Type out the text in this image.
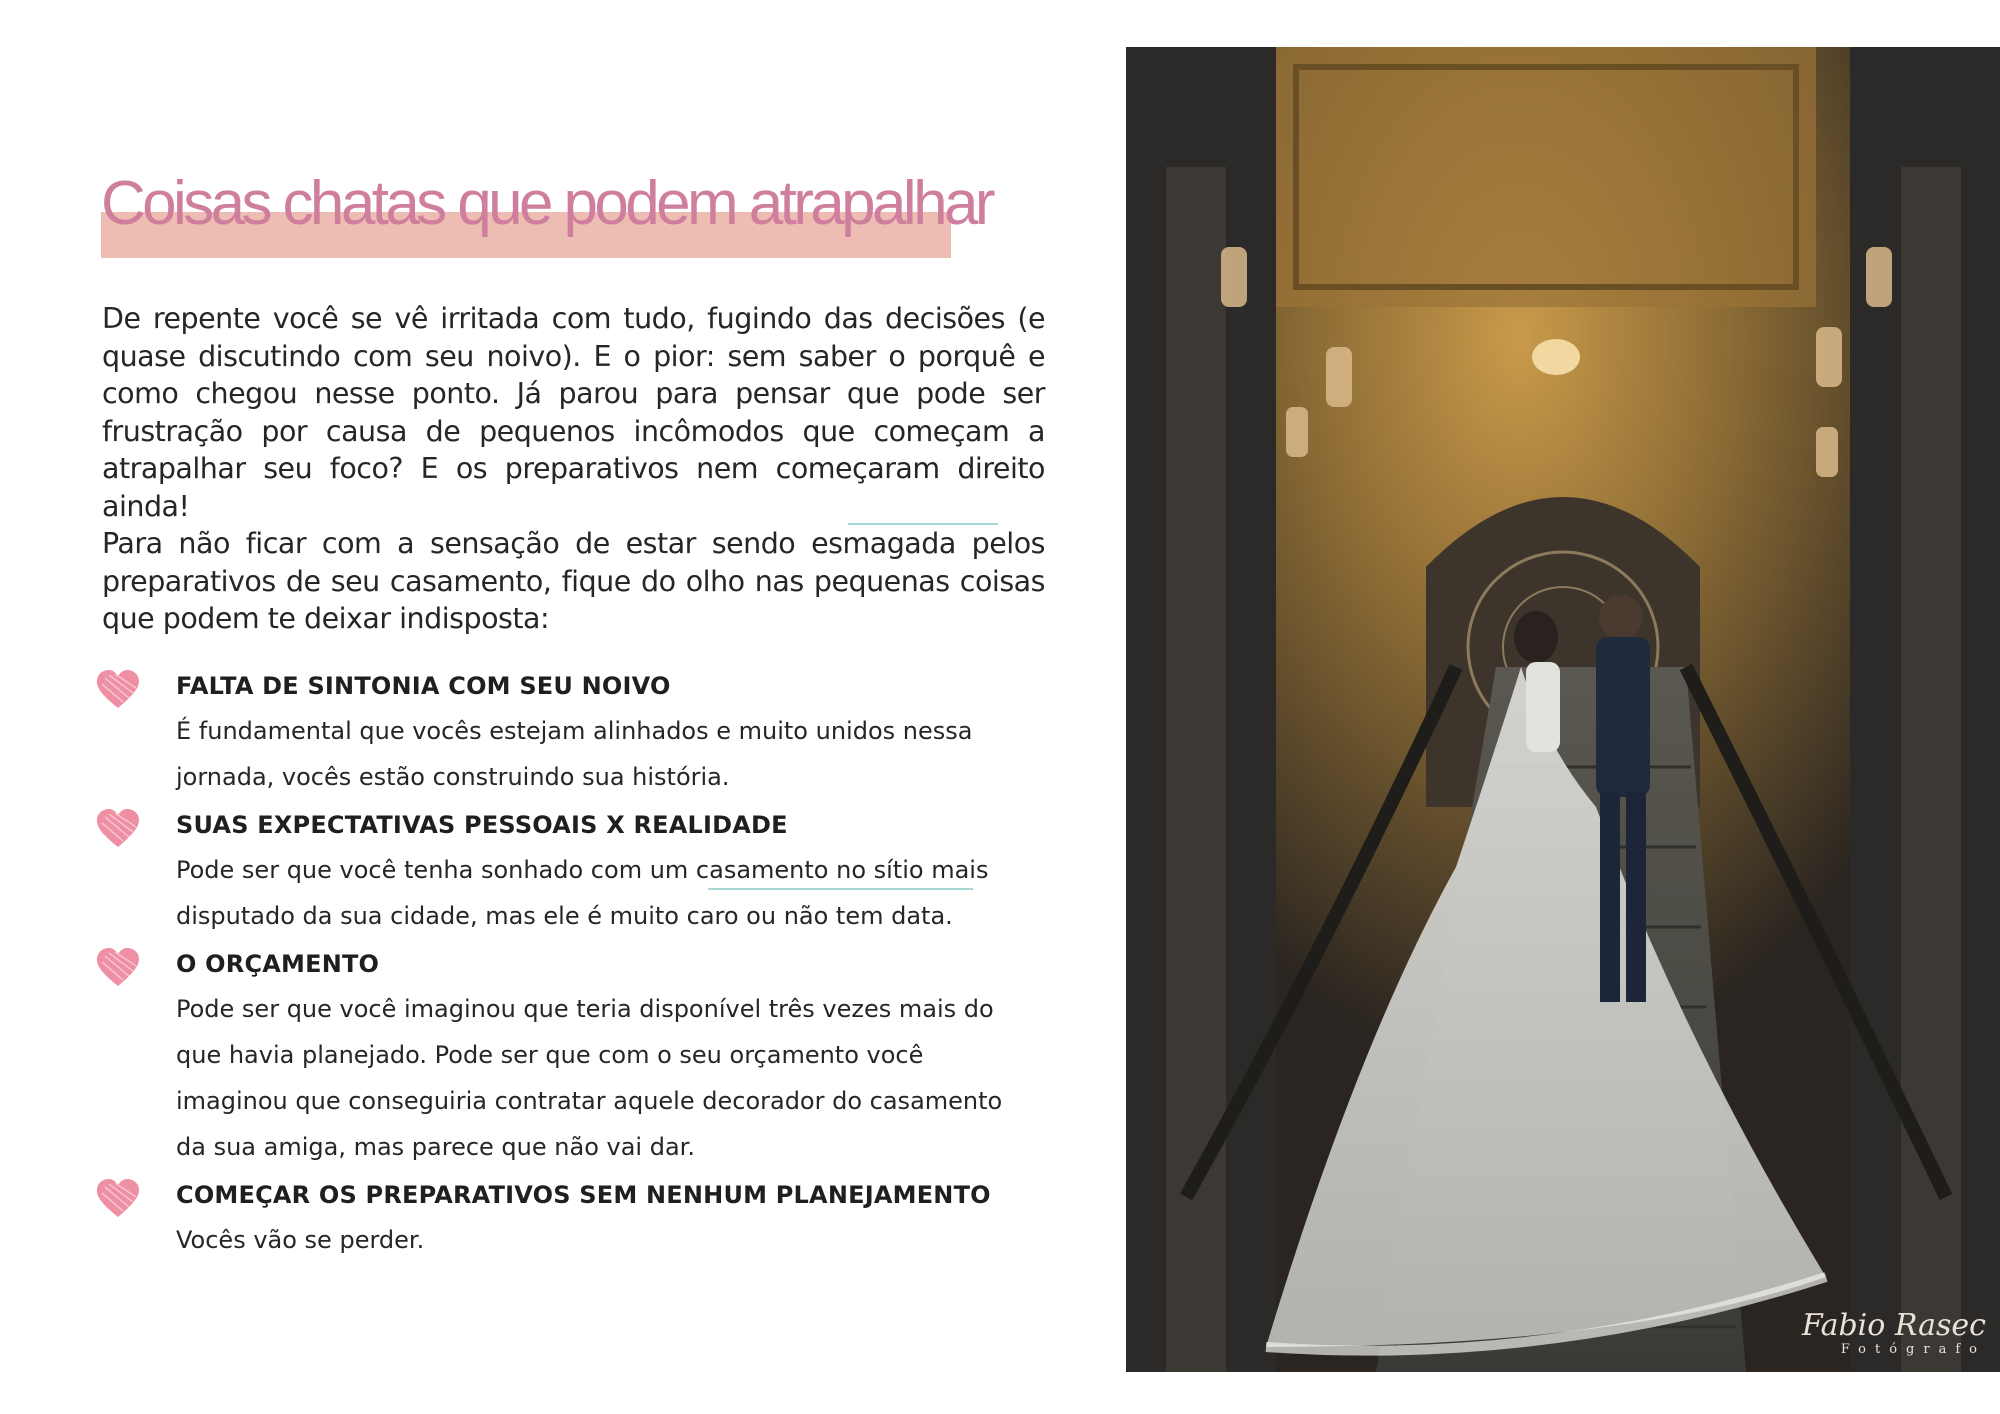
Coisas chatas que podem atrapalhar

De repente você se vê irritada com tudo, fugindo das decisões (e quase discutindo com seu noivo). E o pior: sem saber o porquê e como chegou nesse ponto. Já parou para pensar que pode ser frustração por causa de pequenos incômodos que começam a atrapalhar seu foco? E os preparativos nem começaram direito ainda!

Para não ficar com a sensação de estar sendo esmagada pelos preparativos de seu casamento, fique do olho nas pequenas coisas que podem te deixar indisposta:

FALTA DE SINTONIA COM SEU NOIVO
É fundamental que vocês estejam alinhados e muito unidos nessa jornada, vocês estão construindo sua história.
SUAS EXPECTATIVAS PESSOAIS X REALIDADE
Pode ser que você tenha sonhado com um casamento no sítio mais disputado da sua cidade, mas ele é muito caro ou não tem data.
O ORÇAMENTO
Pode ser que você imaginou que teria disponível três vezes mais do que havia planejado. Pode ser que com o seu orçamento você imaginou que conseguiria contratar aquele decorador do casamento da sua amiga, mas parece que não vai dar.
COMEÇAR OS PREPARATIVOS SEM NENHUM PLANEJAMENTO
Vocês vão se perder.
Fabio Rasec
Fotógrafo
